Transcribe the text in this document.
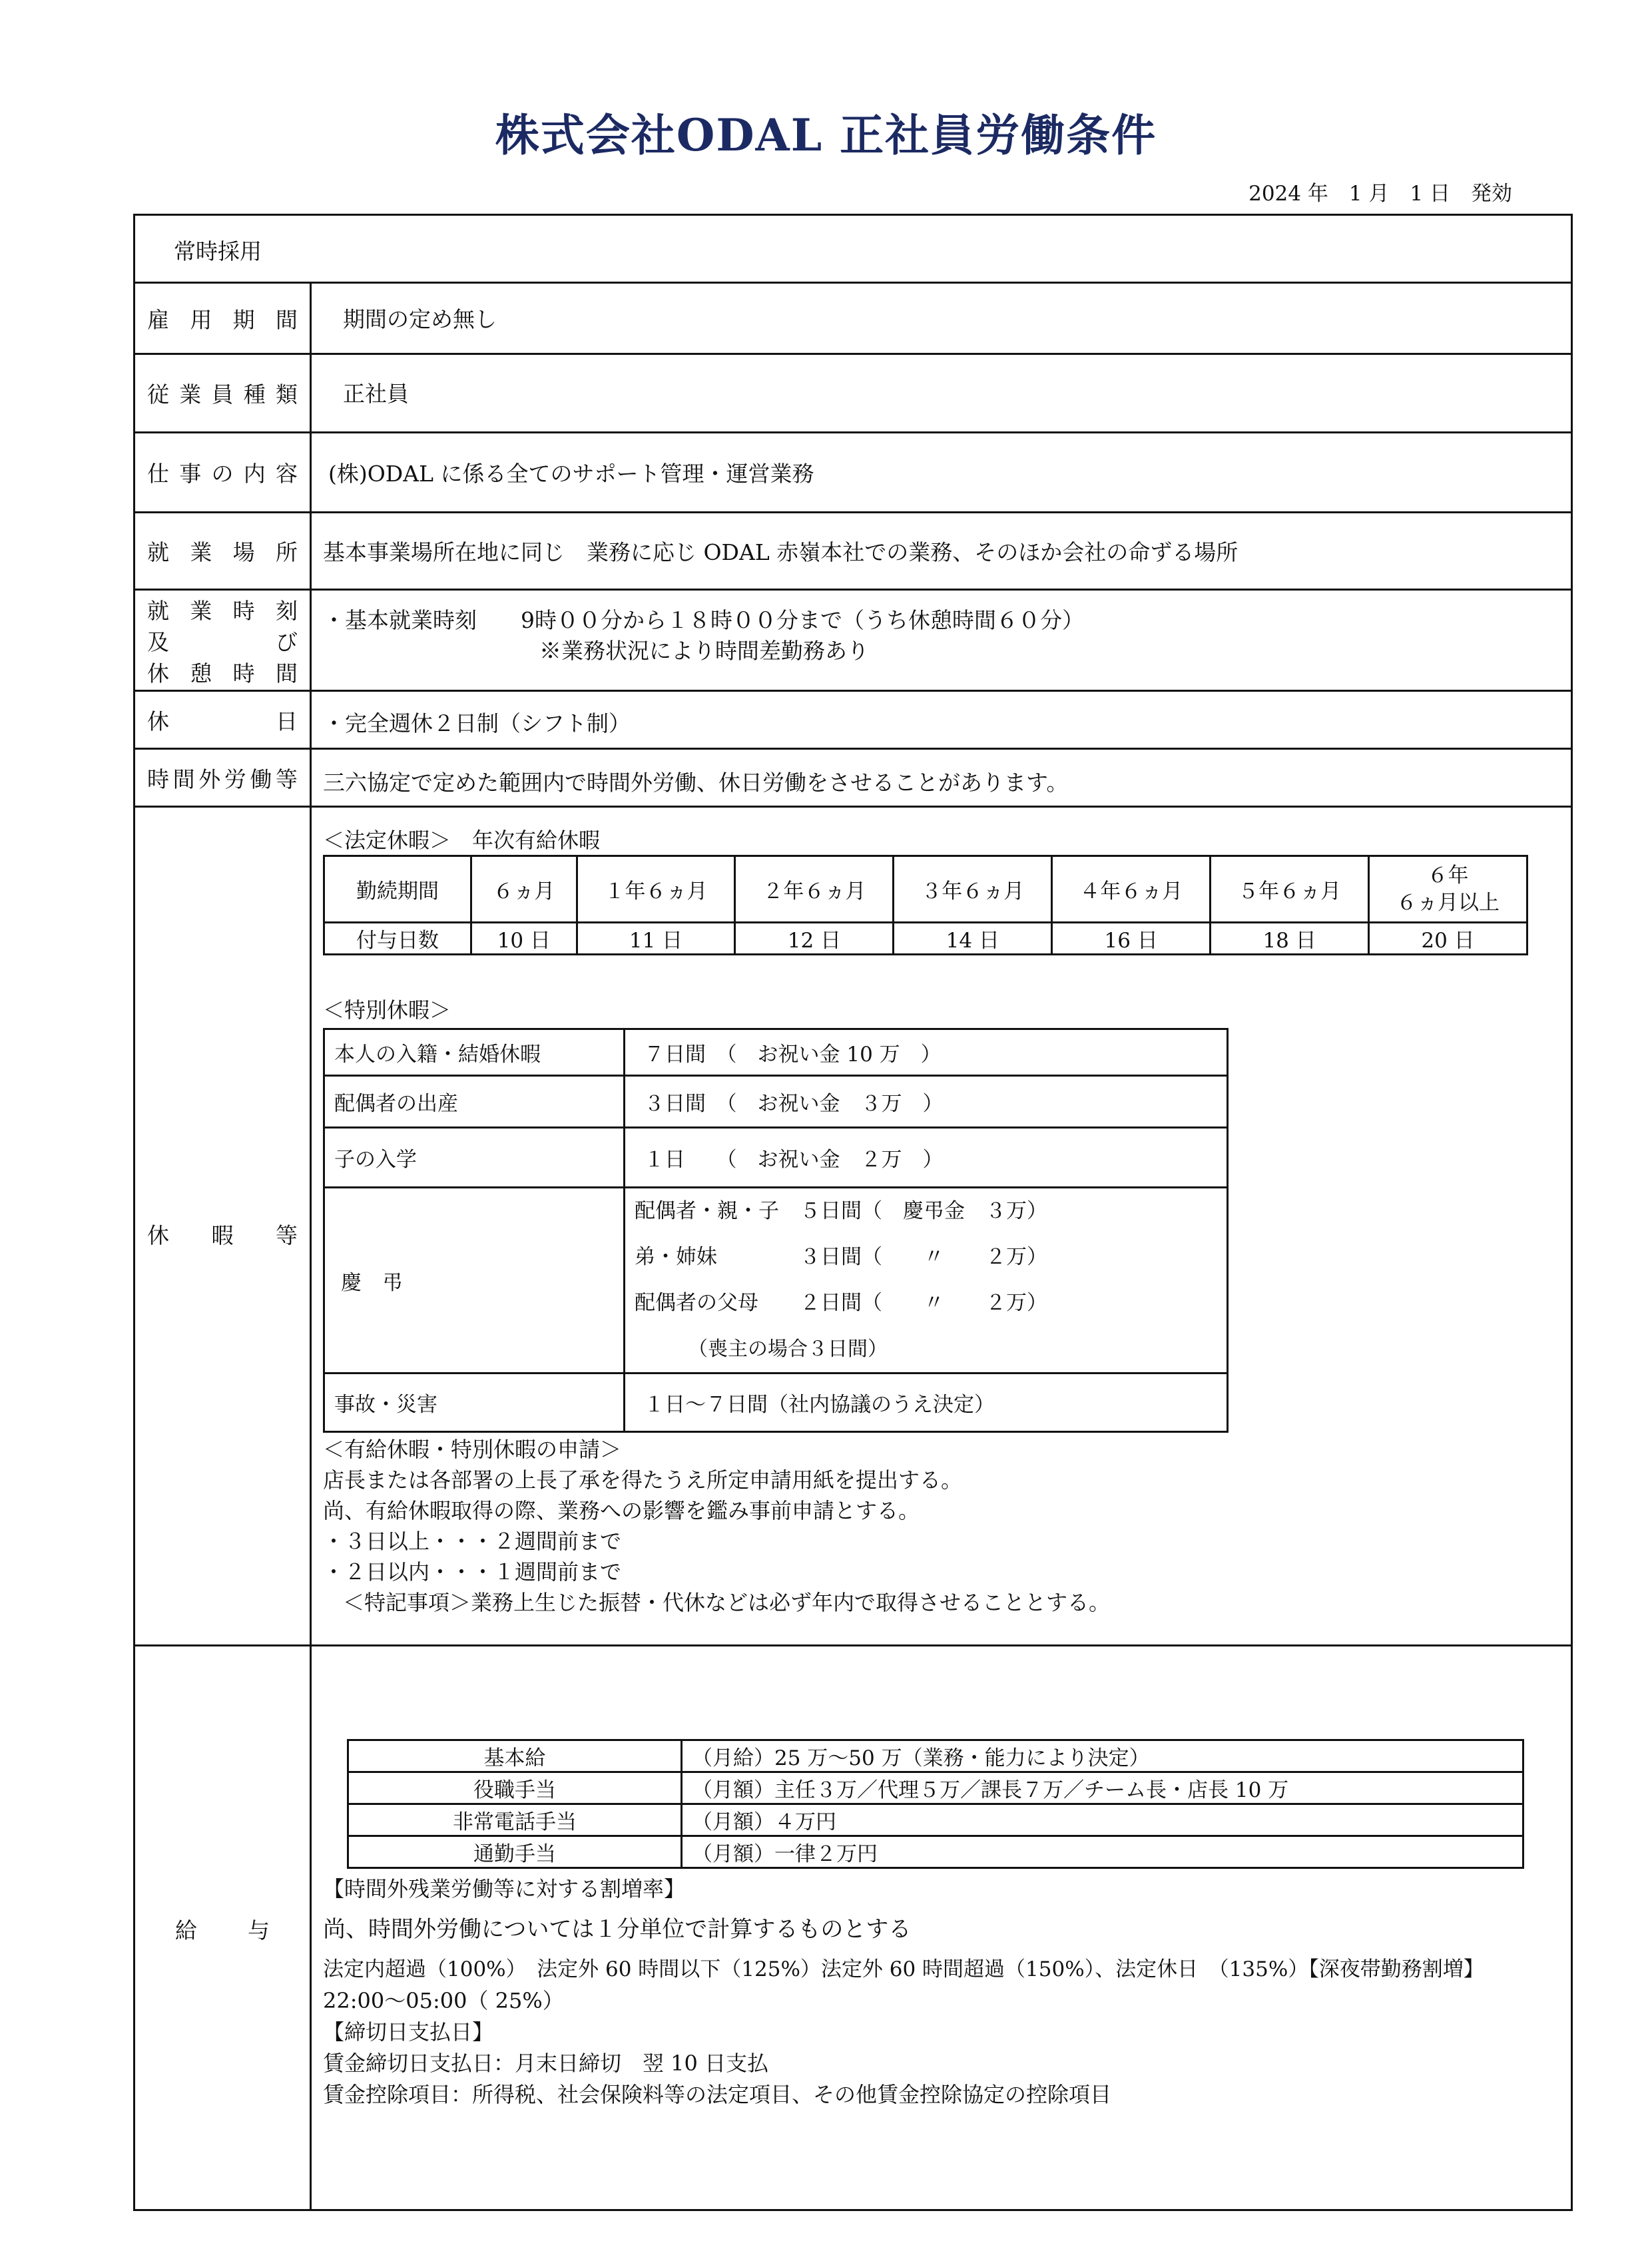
株式会社ODAL 正社員労働条件
2024 年　1 月　1 日　発効
常時採用
雇 用 期 間 期間の定め無し
従 業 員 種 類 正社員
仕 事 の 内 容 (株)ODAL に係る全てのサポート管理・運営業務
就 業 場 所 基本事業場所在地に同じ　業務に応じ ODAL 赤嶺本社での業務、そのほか会社の命ずる場所
就 業 時 刻
及　　　　び
休 憩 時 間
・基本就業時刻　　9時００分から１８時００分まで（うち休憩時間６０分）
※業務状況により時間差勤務あり
休　　　　日 ・完全週休２日制（シフト制）
時間外労働等 三六協定で定めた範囲内で時間外労働、休日労働をさせることがあります。
休　暇　等
＜法定休暇＞　年次有給休暇
勤続期間	６ヵ月	１年６ヵ月	２年６ヵ月	３年６ヵ月	４年６ヵ月	５年６ヵ月	６年
６ヵ月以上
付与日数	10 日	11 日	12 日	14 日	16 日	18 日	20 日
＜特別休暇＞
本人の入籍・結婚休暇	７日間　（　お祝い金 10 万　）
配偶者の出産	３日間　（　お祝い金　３万　）
子の入学	１日　　（　お祝い金　２万　）
慶　弔	配偶者・親・子　５日間（　慶弔金　３万）
弟・姉妹　　　　３日間（　　〃　　２万）
配偶者の父母　　２日間（　　〃　　２万）
（喪主の場合３日間）

事故・災害	１日～７日間（社内協議のうえ決定）
＜有給休暇・特別休暇の申請＞
店長または各部署の上長了承を得たうえ所定申請用紙を提出する。
尚、有給休暇取得の際、業務への影響を鑑み事前申請とする。
・３日以上・・・２週間前まで
・２日以内・・・１週間前まで
＜特記事項＞業務上生じた振替・代休などは必ず年内で取得させることとする。
給　　与
基本給	（月給）25 万～50 万（業務・能力により決定）
役職手当	（月額）主任３万／代理５万／課長７万／チーム長・店長 10 万
非常電話手当	（月額）４万円
通勤手当	（月額）一律２万円
【時間外残業労働等に対する割増率】
尚、時間外労働については１分単位で計算するものとする
法定内超過（100%）　法定外 60 時間以下（125%）法定外 60 時間超過（150%）、法定休日　（135%）【深夜帯勤務割増】
22:00～05:00（ 25%）
【締切日支払日】
賃金締切日支払日：月末日締切　翌 10 日支払
賃金控除項目：所得税、社会保険料等の法定項目、その他賃金控除協定の控除項目
